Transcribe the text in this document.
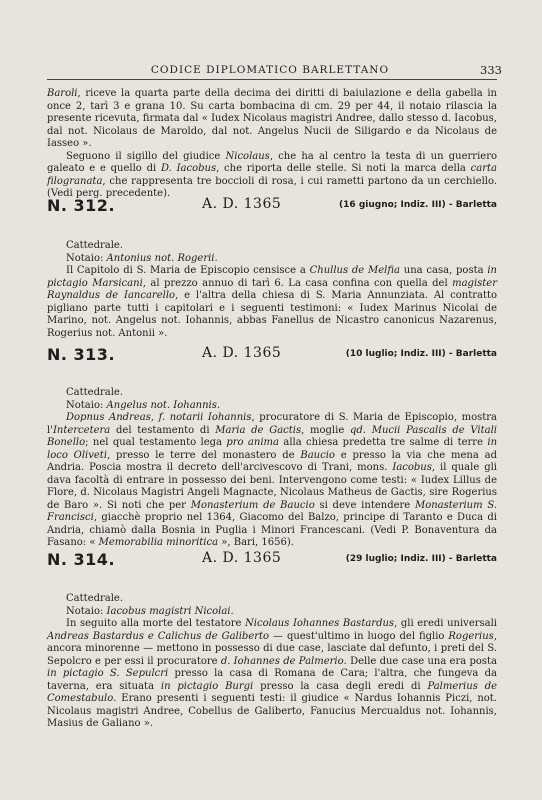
CODICE DIPLOMATICO BARLETTANO	333

Baroli, riceve la quarta parte della decima dei diritti di baiulazione e della gabella in once 2, tarì 3 e grana 10. Su carta bombacina di cm. 29 per 44, il notaio rilascia la presente ricevuta, firmata dal « Iudex Nicolaus magistri Andree, dallo stesso d. Iacobus, dal not. Nicolaus de Maroldo, dal not. Angelus Nucii de Siligardo e da Nicolaus de Iasseo ».

Seguono il sigillo del giudice Nicolaus, che ha al centro la testa di un guerriero galeato e e quello di D. Iacobus, che riporta delle stelle. Si noti la marca della carta filogranata, che rappresenta tre boccioli di rosa, i cui rametti partono da un cerchiello. (Vedi perg. precedente).

N. 312.	A. D. 1365	(16 giugno; Indiz. III) - Barletta

Cattedrale.

Notaio: Antonius not. Rogerii.

Il Capitolo di S. Maria de Episcopio censisce a Chullus de Melfia una casa, posta in pictagio Marsicani, al prezzo annuo di tarì 6. La casa confina con quella del magister Raynaldus de Iancarello, e l'altra della chiesa di S. Maria Annunziata. Al contratto pigliano parte tutti i capitolari e i seguenti testimoni: « Iudex Marinus Nicolai de Marino, not. Angelus not. Iohannis, abbas Fanellus de Nicastro canonicus Nazarenus, Rogerius not. Antonii ».

N. 313.	A. D. 1365	(10 luglio; Indiz. III) - Barletta

Cattedrale.

Notaio: Angelus not. Iohannis.

Dopnus Andreas, f. notarii Iohannis, procuratore di S. Maria de Episcopio, mostra l'Intercetera del testamento di Maria de Gactis, moglie qd. Mucii Pascalis de Vitali Bonello; nel qual testamento lega pro anima alla chiesa predetta tre salme di terre in loco Oliveti, presso le terre del monastero de Baucio e presso la via che mena ad Andria. Poscia mostra il decreto dell'arcivescovo di Trani, mons. Iacobus, il quale gli dava facoltà di entrare in possesso dei beni. Intervengono come testi: « Iudex Lillus de Flore, d. Nicolaus Magistri Angeli Magnacte, Nicolaus Matheus de Gactis, sire Rogerius de Baro ». Si noti che per Monasterium de Baucio si deve intendere Monasterium S. Francisci, giacchè proprio nel 1364, Giacomo del Balzo, principe di Taranto e Duca di Andria, chiamò dalla Bosnia in Puglia i Minori Francescani. (Vedi P. Bonaventura da Fasano: « Memorabilia minoritica », Bari, 1656).

N. 314.	A. D. 1365	(29 luglio; Indiz. III) - Barletta

Cattedrale.

Notaio: Iacobus magistri Nicolai.

In seguito alla morte del testatore Nicolaus Iohannes Bastardus, gli eredi universali Andreas Bastardus e Calichus de Galiberto — quest'ultimo in luogo del figlio Rogerius, ancora minorenne — mettono in possesso di due case, lasciate dal defunto, i preti del S. Sepolcro e per essi il procuratore d. Iohannes de Palmerio. Delle due case una era posta in pictagio S. Sepulcri presso la casa di Romana de Cara; l'altra, che fungeva da taverna, era situata in pictagio Burgi presso la casa degli eredi di Palmerius de Comestabulo. Erano presenti i seguenti testi: il giudice « Nardus Iohannis Piczi, not. Nicolaus magistri Andree, Cobellus de Galiberto, Fanucius Mercualdus not. Iohannis, Masius de Galiano ».
